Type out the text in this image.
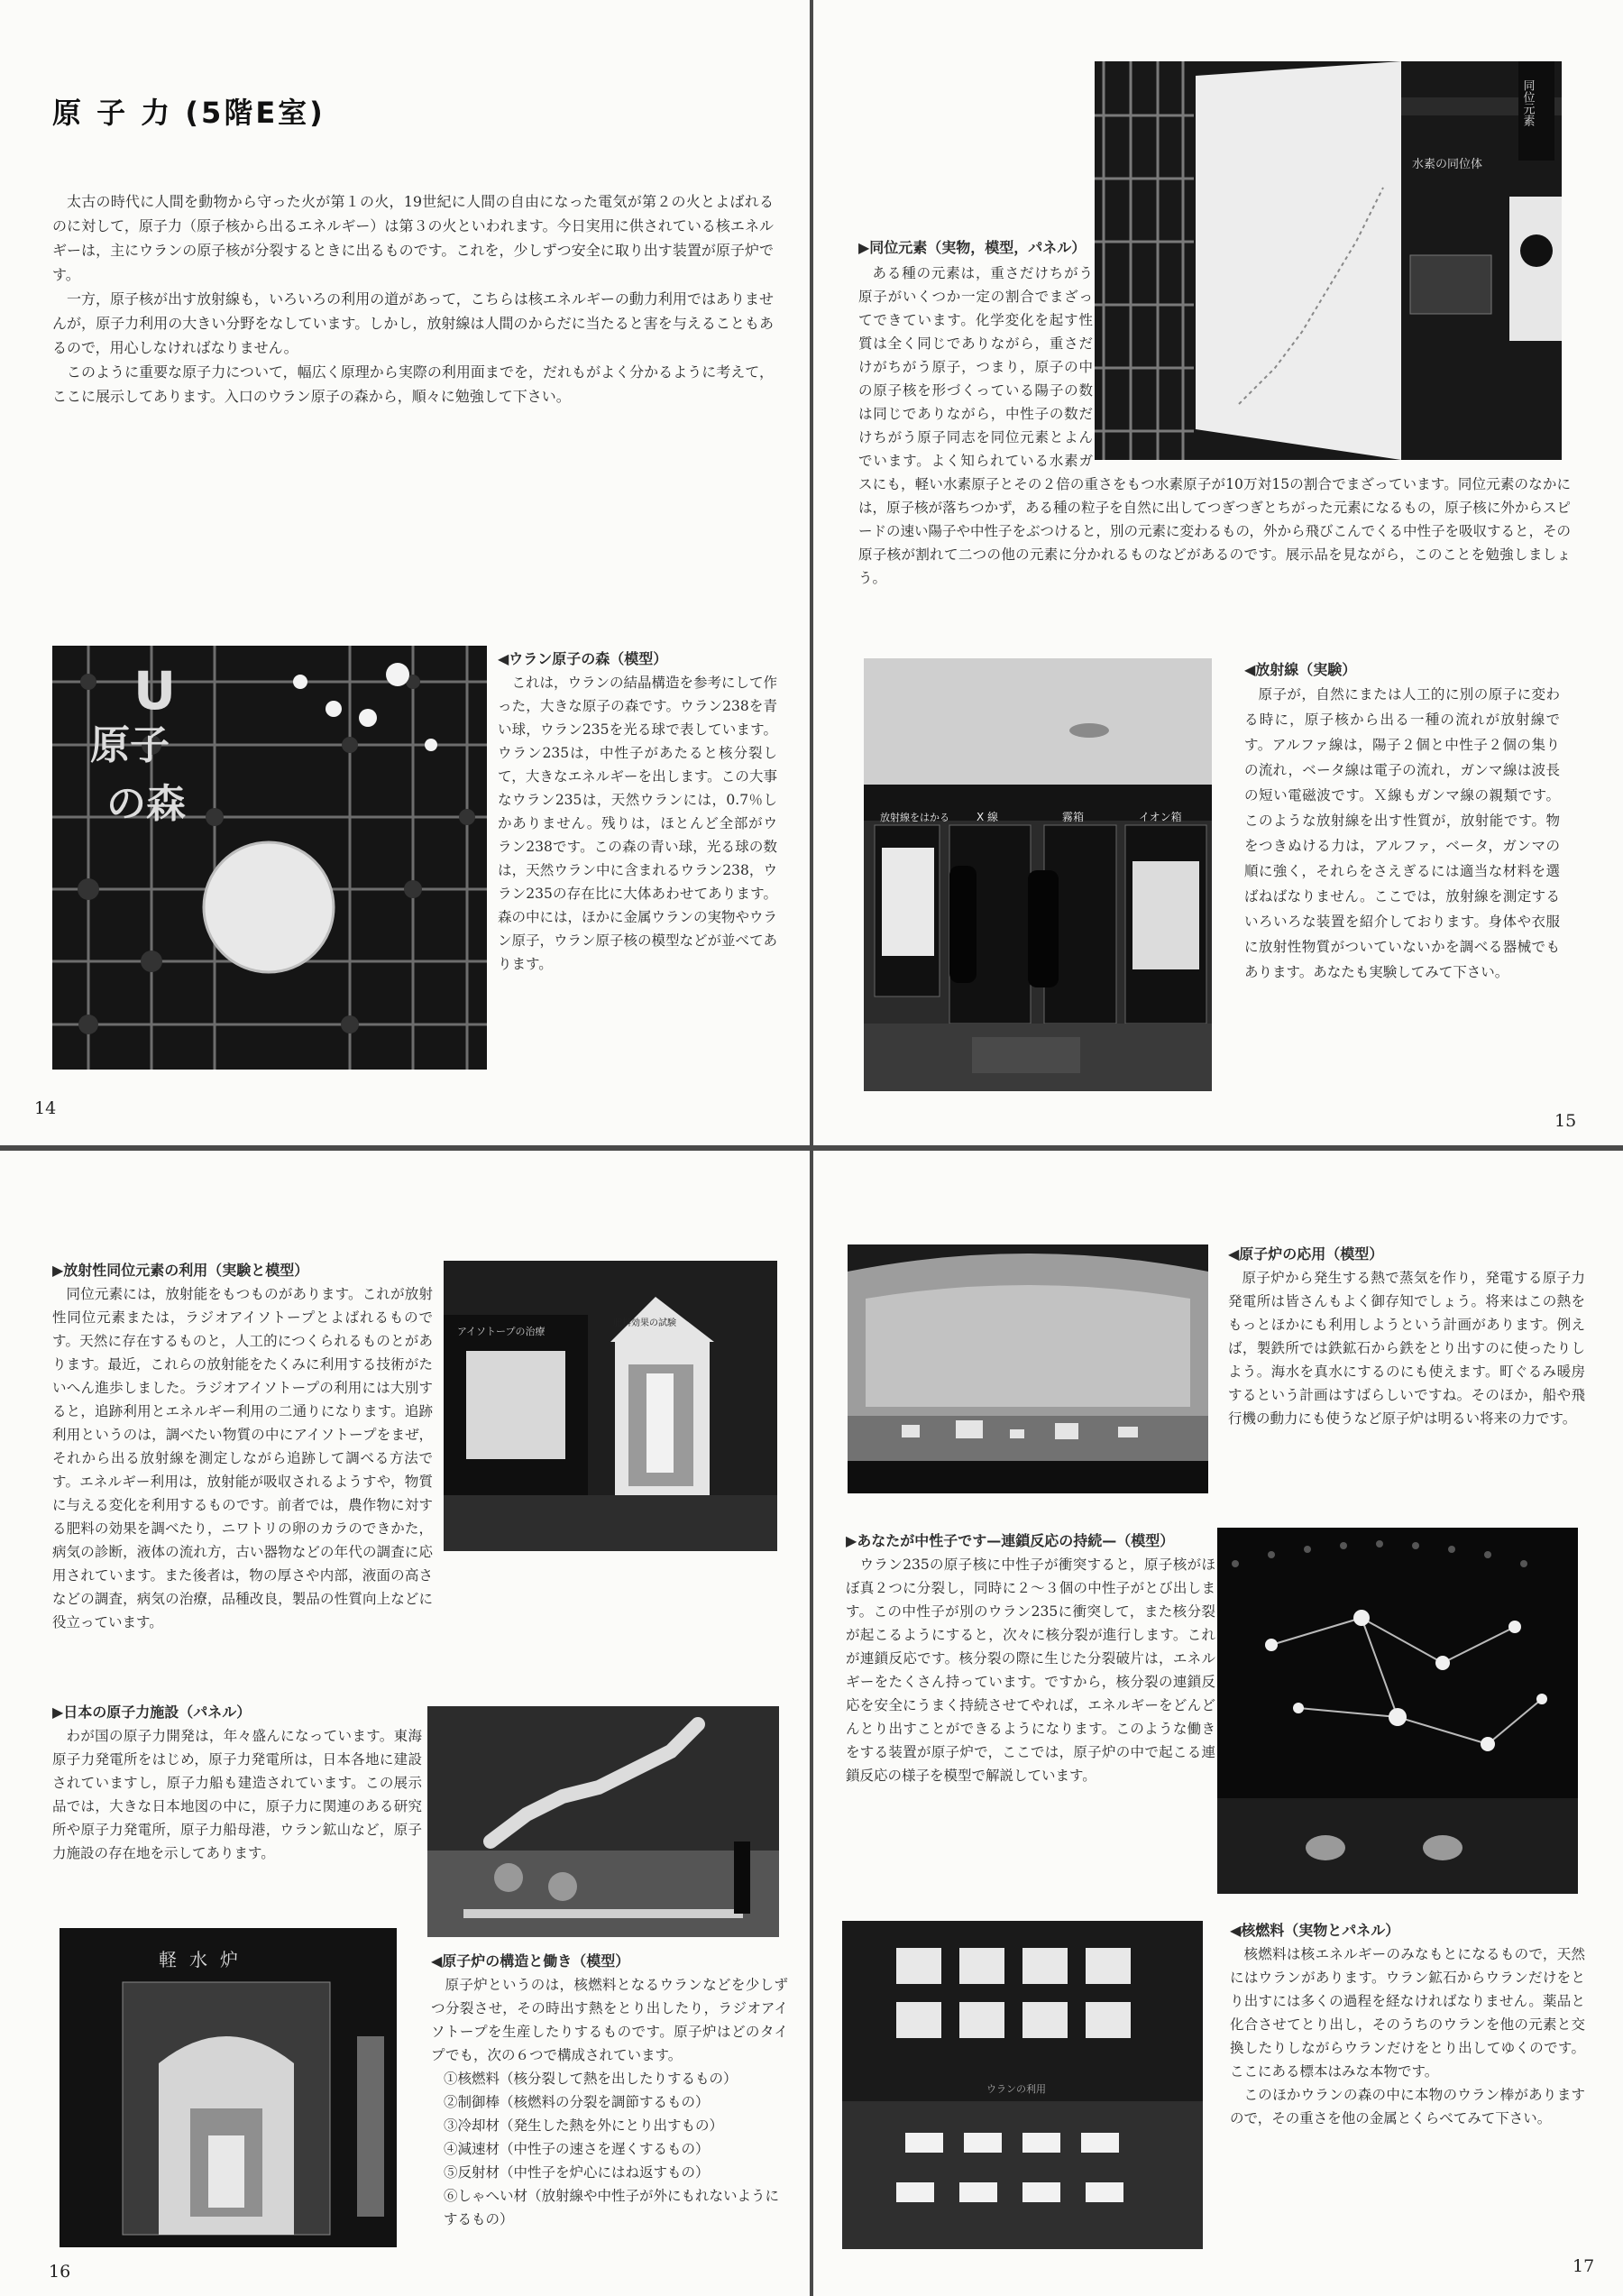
原 子 力 (5階E室)

太古の時代に人間を動物から守った火が第１の火，19世紀に人間の自由になった電気が第２の火とよばれるのに対して，原子力（原子核から出るエネルギー）は第３の火といわれます。今日実用に供されている核エネルギーは，主にウランの原子核が分裂するときに出るものです。これを，少しずつ安全に取り出す装置が原子炉です。

一方，原子核が出す放射線も，いろいろの利用の道があって，こちらは核エネルギーの動力利用ではありませんが，原子力利用の大きい分野をなしています。しかし，放射線は人間のからだに当たると害を与えることもあるので，用心しなければなりません。

このように重要な原子力について，幅広く原理から実際の利用面までを，だれもがよく分かるように考えて，ここに展示してあります。入口のウラン原子の森から，順々に勉強して下さい。

U
原子
の森
◀ウラン原子の森（模型）
これは，ウランの結晶構造を参考にして作った，大きな原子の森です。ウラン238を青い球，ウラン235を光る球で表しています。ウラン235は，中性子があたると核分裂して，大きなエネルギーを出します。この大事なウラン235は，天然ウランには，0.7％しかありません。残りは，ほとんど全部がウラン238です。この森の青い球，光る球の数は，天然ウラン中に含まれるウラン238，ウラン235の存在比に大体あわせてあります。森の中には，ほかに金属ウランの実物やウラン原子，ウラン原子核の模型などが並べてあります。
14
同位元素
水素の同位体
▶同位元素（実物，模型，パネル）
ある種の元素は，重さだけちがう原子がいくつか一定の割合でまざってできています。化学変化を起す性質は全く同じでありながら，重さだけがちがう原子，つまり，原子の中の原子核を形づくっている陽子の数は同じでありながら，中性子の数だけちがう原子同志を同位元素とよんでいます。よく知られている水素ガスにも，軽い水素原子とその２倍の重さをもつ水素原子が10万対15の割合でまざっています。同位元素のなかには，原子核が落ちつかず，ある種の粒子を自然に出してつぎつぎとちがった元素になるもの，原子核に外からスピードの速い陽子や中性子をぶつけると，別の元素に変わるもの，外から飛びこんでくる中性子を吸収すると，その原子核が割れて二つの他の元素に分かれるものなどがあるのです。展示品を見ながら，このことを勉強しましょう。
放射線をはかる	X 線	霧箱	イオン箱
◀放射線（実験）
原子が，自然にまたは人工的に別の原子に変わる時に，原子核から出る一種の流れが放射線です。アルファ線は，陽子２個と中性子２個の集りの流れ，ベータ線は電子の流れ，ガンマ線は波長の短い電磁波です。Ｘ線もガンマ線の親類です。このような放射線を出す性質が，放射能です。物をつきぬける力は，アルファ，ベータ，ガンマの順に強く，それらをさえぎるには適当な材料を選ばねばなりません。ここでは，放射線を測定するいろいろな装置を紹介しております。身体や衣服に放射性物質がついていないかを調べる器械でもあります。あなたも実験してみて下さい。
15
▶放射性同位元素の利用（実験と模型）
同位元素には，放射能をもつものがあります。これが放射性同位元素または，ラジオアイソトープとよばれるものです。天然に存在するものと，人工的につくられるものとがあります。最近，これらの放射能をたくみに利用する技術がたいへん進歩しました。ラジオアイソトープの利用には大別すると，追跡利用とエネルギー利用の二通りになります。追跡利用というのは，調べたい物質の中にアイソトープをまぜ，それから出る放射線を測定しながら追跡して調べる方法です。エネルギー利用は，放射能が吸収されるようすや，物質に与える変化を利用するものです。前者では，農作物に対する肥料の効果を調べたり，ニワトリの卵のカラのできかた，病気の診断，液体の流れ方，古い器物などの年代の調査に応用されています。また後者は，物の厚さや内部，液面の高さなどの調査，病気の治療，品種改良，製品の性質向上などに役立っています。
アイソトープの治療
肥料効果の試験
▶日本の原子力施設（パネル）
わが国の原子力開発は，年々盛んになっています。東海原子力発電所をはじめ，原子力発電所は，日本各地に建設されていますし，原子力船も建造されています。この展示品では，大きな日本地図の中に，原子力に関連のある研究所や原子力発電所，原子力船母港，ウラン鉱山など，原子力施設の存在地を示してあります。
軽水炉	◀原子炉の構造と働き（模型）
原子炉というのは，核燃料となるウランなどを少しずつ分裂させ，その時出す熱をとり出したり，ラジオアイソトープを生産したりするものです。原子炉はどのタイプでも，次の６つで構成されています。
①核燃料（核分裂して熱を出したりするもの）
②制御棒（核燃料の分裂を調節するもの）
③冷却材（発生した熱を外にとり出すもの）
④減速材（中性子の速さを遅くするもの）
⑤反射材（中性子を炉心にはね返すもの）
⑥しゃへい材（放射線や中性子が外にもれないようにするもの）
16
◀原子炉の応用（模型）
原子炉から発生する熱で蒸気を作り，発電する原子力発電所は皆さんもよく御存知でしょう。将来はこの熱をもっとほかにも利用しようという計画があります。例えば，製鉄所では鉄鉱石から鉄をとり出すのに使ったりしよう。海水を真水にするのにも使えます。町ぐるみ暖房するという計画はすばらしいですね。そのほか，船や飛行機の動力にも使うなど原子炉は明るい将来の力です。
▶あなたが中性子です—連鎖反応の持続—（模型）
ウラン235の原子核に中性子が衝突すると，原子核がほぼ真２つに分裂し，同時に２〜３個の中性子がとび出します。この中性子が別のウラン235に衝突して，また核分裂が起こるようにすると，次々に核分裂が進行します。これが連鎖反応です。核分裂の際に生じた分裂破片は，エネルギーをたくさん持っています。ですから，核分裂の連鎖反応を安全にうまく持続させてやれば，エネルギーをどんどんとり出すことができるようになります。このような働きをする装置が原子炉で，ここでは，原子炉の中で起こる連鎖反応の様子を模型で解説しています。
ウランの利用
◀核燃料（実物とパネル）
核燃料は核エネルギーのみなもとになるもので，天然にはウランがあります。ウラン鉱石からウランだけをとり出すには多くの過程を経なければなりません。薬品と化合させてとり出し，そのうちのウランを他の元素と交換したりしながらウランだけをとり出してゆくのです。ここにある標本はみな本物です。
このほかウランの森の中に本物のウラン棒がありますので，その重さを他の金属とくらべてみて下さい。
17
